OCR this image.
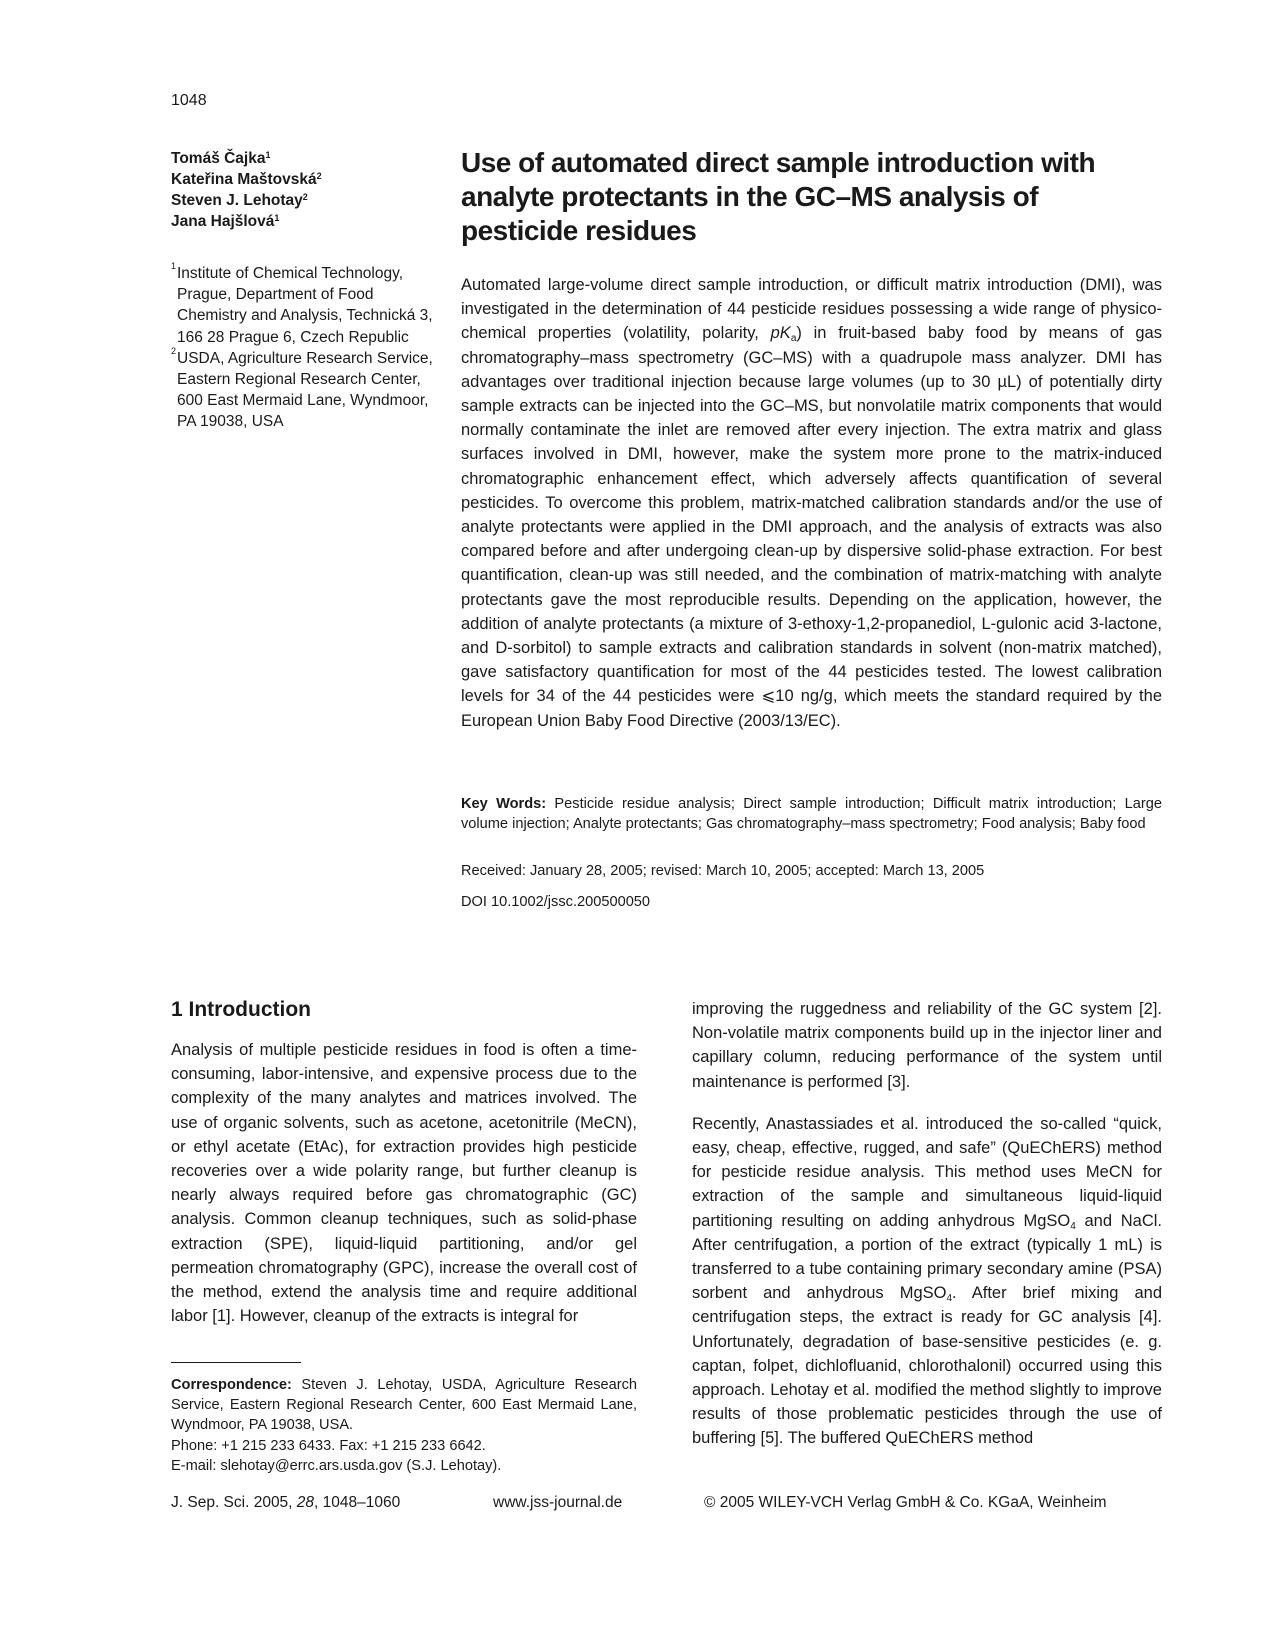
1048
Tomáš Čajka$^1$
Kateřina Maštovská$^2$
Steven J. Lehotay$^2$
Jana Hajšlová$^1$
1 Institute of Chemical Technology, Prague, Department of Food Chemistry and Analysis, Technická 3, 166 28 Prague 6, Czech Republic
2 USDA, Agriculture Research Service, Eastern Regional Research Center, 600 East Mermaid Lane, Wyndmoor, PA 19038, USA
Use of automated direct sample introduction with analyte protectants in the GC–MS analysis of pesticide residues
Automated large-volume direct sample introduction, or difficult matrix introduction (DMI), was investigated in the determination of 44 pesticide residues possessing a wide range of physico-chemical properties (volatility, polarity, $pK_a$) in fruit-based baby food by means of gas chromatography–mass spectrometry (GC–MS) with a quadrupole mass analyzer. DMI has advantages over traditional injection because large volumes (up to 30 µL) of potentially dirty sample extracts can be injected into the GC–MS, but nonvolatile matrix components that would normally contaminate the inlet are removed after every injection. The extra matrix and glass surfaces involved in DMI, however, make the system more prone to the matrix-induced chromatographic enhancement effect, which adversely affects quantification of several pesticides. To overcome this problem, matrix-matched calibration standards and/or the use of analyte protectants were applied in the DMI approach, and the analysis of extracts was also compared before and after undergoing clean-up by dispersive solid-phase extraction. For best quantification, clean-up was still needed, and the combination of matrix-matching with analyte protectants gave the most reproducible results. Depending on the application, however, the addition of analyte protectants (a mixture of 3-ethoxy-1,2-propanediol, L-gulonic acid 3-lactone, and D-sorbitol) to sample extracts and calibration standards in solvent (non-matrix matched), gave satisfactory quantification for most of the 44 pesticides tested. The lowest calibration levels for 34 of the 44 pesticides were ⩽10 ng/g, which meets the standard required by the European Union Baby Food Directive (2003/13/EC).
Key Words: Pesticide residue analysis; Direct sample introduction; Difficult matrix introduction; Large volume injection; Analyte protectants; Gas chromatography–mass spectrometry; Food analysis; Baby food
Received: January 28, 2005; revised: March 10, 2005; accepted: March 13, 2005
DOI 10.1002/jssc.200500050
1 Introduction

Analysis of multiple pesticide residues in food is often a time-consuming, labor-intensive, and expensive process due to the complexity of the many analytes and matrices involved. The use of organic solvents, such as acetone, acetonitrile (MeCN), or ethyl acetate (EtAc), for extraction provides high pesticide recoveries over a wide polarity range, but further cleanup is nearly always required before gas chromatographic (GC) analysis. Common cleanup techniques, such as solid-phase extraction (SPE), liquid-liquid partitioning, and/or gel permeation chromatography (GPC), increase the overall cost of the method, extend the analysis time and require additional labor [1]. However, cleanup of the extracts is integral for

improving the ruggedness and reliability of the GC system [2]. Non-volatile matrix components build up in the injector liner and capillary column, reducing performance of the system until maintenance is performed [3].

Recently, Anastassiades et al. introduced the so-called “quick, easy, cheap, effective, rugged, and safe” (QuEChERS) method for pesticide residue analysis. This method uses MeCN for extraction of the sample and simultaneous liquid-liquid partitioning resulting on adding anhydrous MgSO$_4$ and NaCl. After centrifugation, a portion of the extract (typically 1 mL) is transferred to a tube containing primary secondary amine (PSA) sorbent and anhydrous MgSO$_4$. After brief mixing and centrifugation steps, the extract is ready for GC analysis [4]. Unfortunately, degradation of base-sensitive pesticides (e. g. captan, folpet, dichlofluanid, chlorothalonil) occurred using this approach. Lehotay et al. modified the method slightly to improve results of those problematic pesticides through the use of buffering [5]. The buffered QuEChERS method

Correspondence: Steven J. Lehotay, USDA, Agriculture Research Service, Eastern Regional Research Center, 600 East Mermaid Lane, Wyndmoor, PA 19038, USA.
Phone: +1 215 233 6433. Fax: +1 215 233 6642.
E-mail: slehotay@errc.ars.usda.gov (S.J. Lehotay).
J. Sep. Sci. 2005, 28, 1048–1060	www.jss-journal.de	© 2005 WILEY-VCH Verlag GmbH & Co. KGaA, Weinheim
